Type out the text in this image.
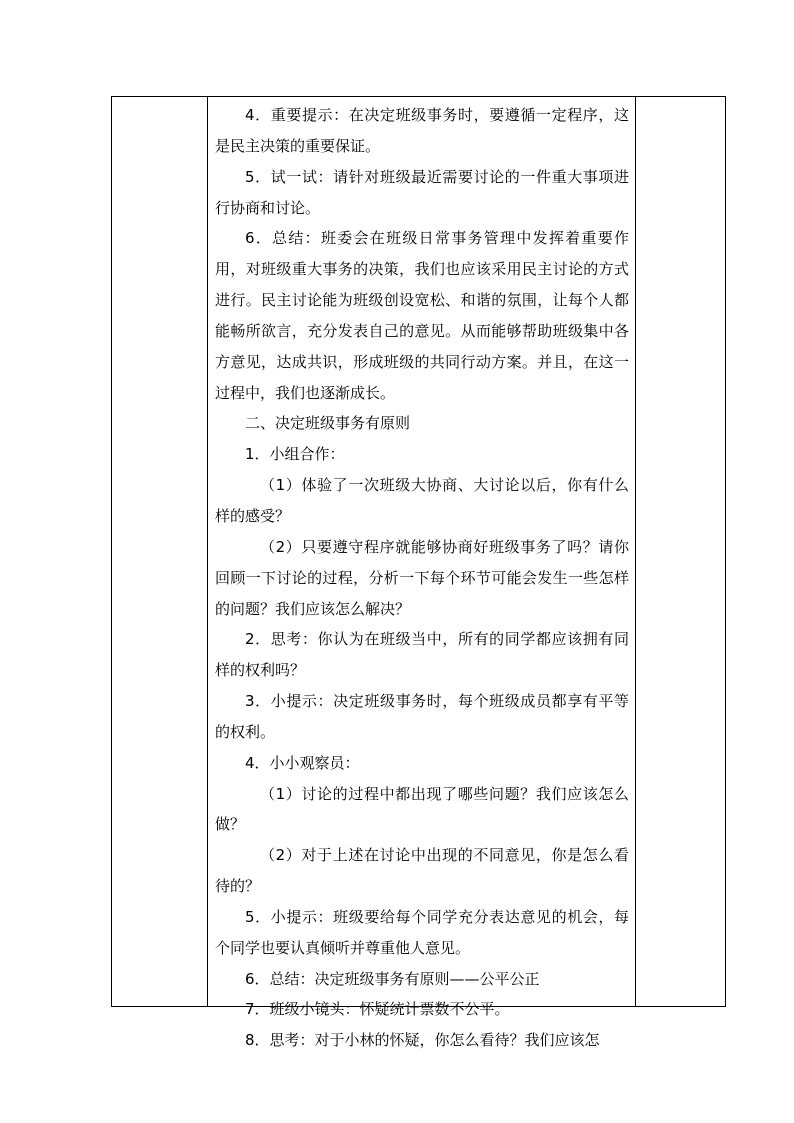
4．重要提示：在决定班级事务时，要遵循一定程序，这是民主决策的重要保证。

5．试一试：请针对班级最近需要讨论的一件重大事项进行协商和讨论。

6．总结：班委会在班级日常事务管理中发挥着重要作用，对班级重大事务的决策，我们也应该采用民主讨论的方式进行。民主讨论能为班级创设宽松、和谐的氛围，让每个人都能畅所欲言，充分发表自己的意见。从而能够帮助班级集中各方意见，达成共识，形成班级的共同行动方案。并且，在这一过程中，我们也逐渐成长。

二、决定班级事务有原则

1．小组合作：

（1）体验了一次班级大协商、大讨论以后，你有什么样的感受？

（2）只要遵守程序就能够协商好班级事务了吗？请你回顾一下讨论的过程，分析一下每个环节可能会发生一些怎样的问题？我们应该怎么解决？

2．思考：你认为在班级当中，所有的同学都应该拥有同样的权利吗？

3．小提示：决定班级事务时，每个班级成员都享有平等的权利。

4．小小观察员：

（1）讨论的过程中都出现了哪些问题？我们应该怎么做？

（2）对于上述在讨论中出现的不同意见，你是怎么看待的？

5．小提示：班级要给每个同学充分表达意见的机会，每个同学也要认真倾听并尊重他人意见。

6．总结：决定班级事务有原则——公平公正

7．班级小镜头：怀疑统计票数不公平。

8．思考：对于小林的怀疑，你怎么看待？我们应该怎
